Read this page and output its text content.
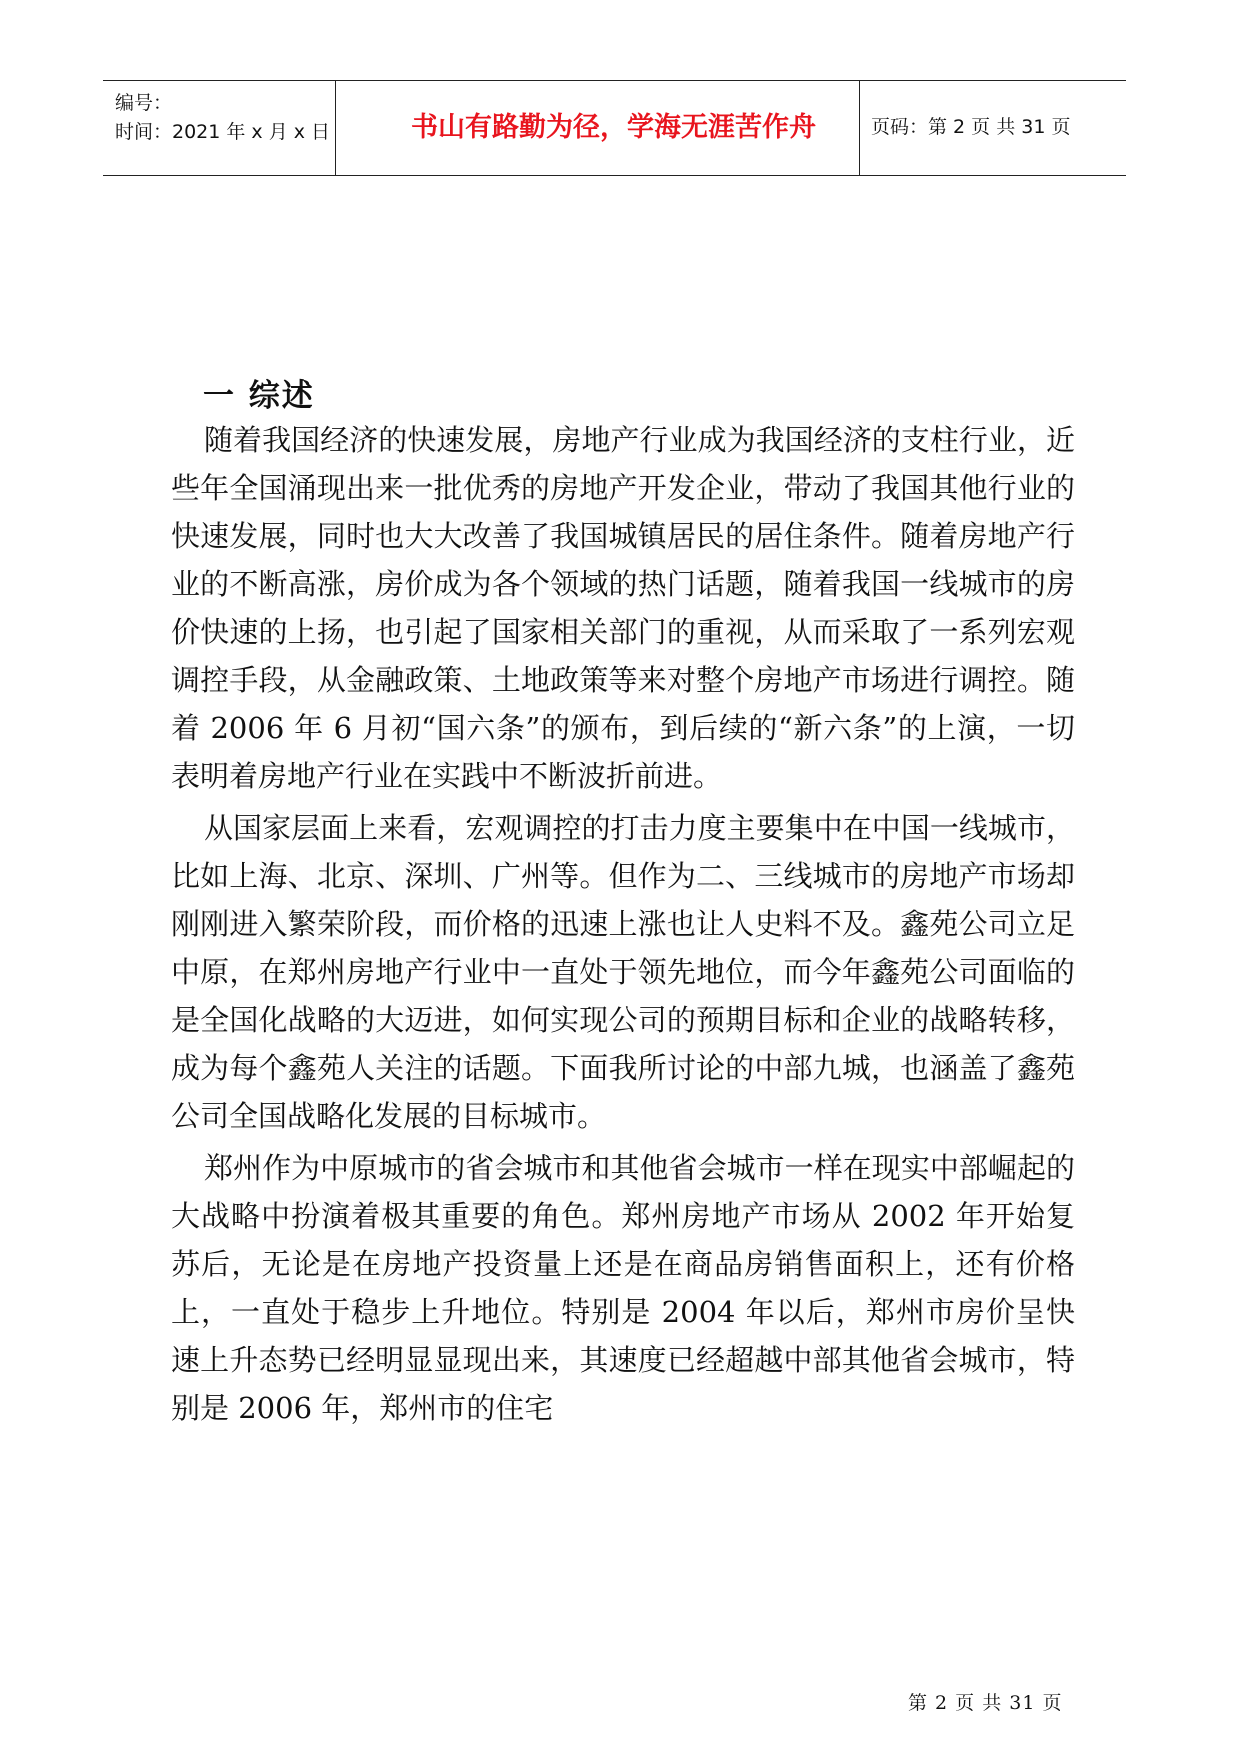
编号：
时间：2021 年 x 月 x 日	书山有路勤为径，学海无涯苦作舟	页码：第 2 页 共 31 页
一 综述

随着我国经济的快速发展，房地产行业成为我国经济的支柱行业，近些年全国涌现出来一批优秀的房地产开发企业，带动了我国其他行业的快速发展，同时也大大改善了我国城镇居民的居住条件。随着房地产行业的不断高涨，房价成为各个领域的热门话题，随着我国一线城市的房价快速的上扬，也引起了国家相关部门的重视，从而采取了一系列宏观调控手段，从金融政策、土地政策等来对整个房地产市场进行调控。随着 2006 年 6 月初“国六条”的颁布，到后续的“新六条”的上演，一切表明着房地产行业在实践中不断波折前进。

从国家层面上来看，宏观调控的打击力度主要集中在中国一线城市，比如上海、北京、深圳、广州等。但作为二、三线城市的房地产市场却刚刚进入繁荣阶段，而价格的迅速上涨也让人史料不及。鑫苑公司立足中原，在郑州房地产行业中一直处于领先地位，而今年鑫苑公司面临的是全国化战略的大迈进，如何实现公司的预期目标和企业的战略转移，成为每个鑫苑人关注的话题。下面我所讨论的中部九城，也涵盖了鑫苑公司全国战略化发展的目标城市。

郑州作为中原城市的省会城市和其他省会城市一样在现实中部崛起的大战略中扮演着极其重要的角色。郑州房地产市场从 2002 年开始复苏后，无论是在房地产投资量上还是在商品房销售面积上，还有价格上，一直处于稳步上升地位。特别是 2004 年以后，郑州市房价呈快速上升态势已经明显显现出来，其速度已经超越中部其他省会城市，特别是 2006 年，郑州市的住宅

第 2 页 共 31 页
